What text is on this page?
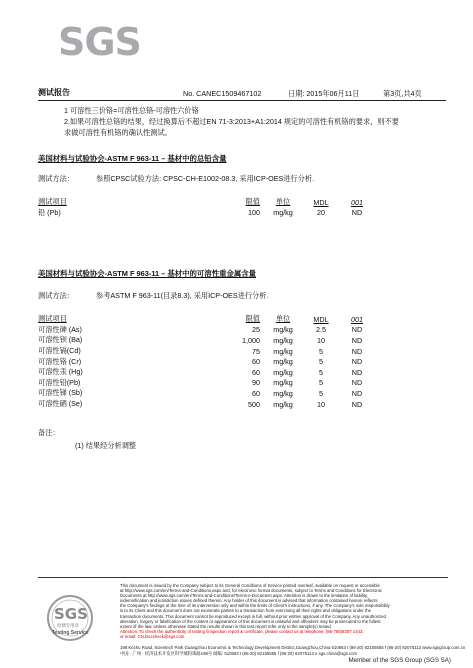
SGS
测试报告	No. CANEC1509467102	日期: 2015年06月11日	第3页,共4页
1 可溶性三价铬=可溶性总铬-可溶性六价铬
2.如果可溶性总铬的结果，经过换算后不超过EN 71-3:2013+A1:2014 规定的可溶性有机铬的要求，则不要
求做可溶性有机铬的确认性测试。
美国材料与试验协会-ASTM F 963-11 – 基材中的总铅含量
测试方法：	参照CPSC试验方法: CPSC-CH-E1002-08.3, 采用ICP-OES进行分析.
测试项目	限值	单位	MDL	001
铅 (Pb)	100	mg/kg	20	ND
美国材料与试验协会-ASTM F 963-11 – 基材中的可溶性重金属含量
测试方法：	参考ASTM F 963-11(目录8.3), 采用ICP-OES进行分析.
测试项目	限值	单位	MDL	001
可溶性砷 (As)	25	mg/kg	2.5	ND
可溶性钡 (Ba)	1,000	mg/kg	10	ND
可溶性镉(Cd)	75	mg/kg	5	ND
可溶性铬 (Cr)	60	mg/kg	5	ND
可溶性汞 (Hg)	60	mg/kg	5	ND
可溶性铅(Pb)	90	mg/kg	5	ND
可溶性锑 (Sb)	60	mg/kg	5	ND
可溶性硒 (Se)	500	mg/kg	10	ND
备注：
(1) 结果经分析调整
SGS
检测专用章
Testing Service
This document is issued by the Company subject to its General Conditions of Service printed overleaf, available on request or accessible
at http://www.sgs.com/en/Terms-and-Conditions.aspx and, for electronic format documents, subject to Terms and Conditions for Electronic
Documents at http://www.sgs.com/en/Terms-and-Conditions/Terms-e-Document.aspx. Attention is drawn to the limitation of liability,
indemnification and jurisdiction issues defined therein. Any holder of this document is advised that information contained hereon reflects
the Company's findings at the time of its intervention only and within the limits of Client's instructions, if any. The Company's sole responsibility
is to its Client and this document does not exonerate parties to a transaction from exercising all their rights and obligations under the
transaction documents. This document cannot be reproduced except in full, without prior written approval of the Company. Any unauthorized
alteration, forgery or falsification of the content or appearance of this document is unlawful and offenders may be prosecuted to the fullest
extent of the law. Unless otherwise stated the results shown in this test report refer only to the sample(s) tested.
Attention: To check the authenticity of testing /inspection report & certificate, please contact us at telephone: (86-755)8307 1443,
or email: CN.Doccheck@sgs.com
198 Kezhu Road, Scientech Park Guangzhou Economic & Technology Development District,Guangzhou,China 510663 t (86-20) 82155555 f (86-20) 82075113 www.sgsgroup.com.cn
中国 · 广州 · 经济技术开发区科学城科珠路198号 邮编: 510663 t (86-20) 82155555 f (86-20) 82075113 e sgs.china@sgs.com
Member of the SGS Group (SGS SA)
